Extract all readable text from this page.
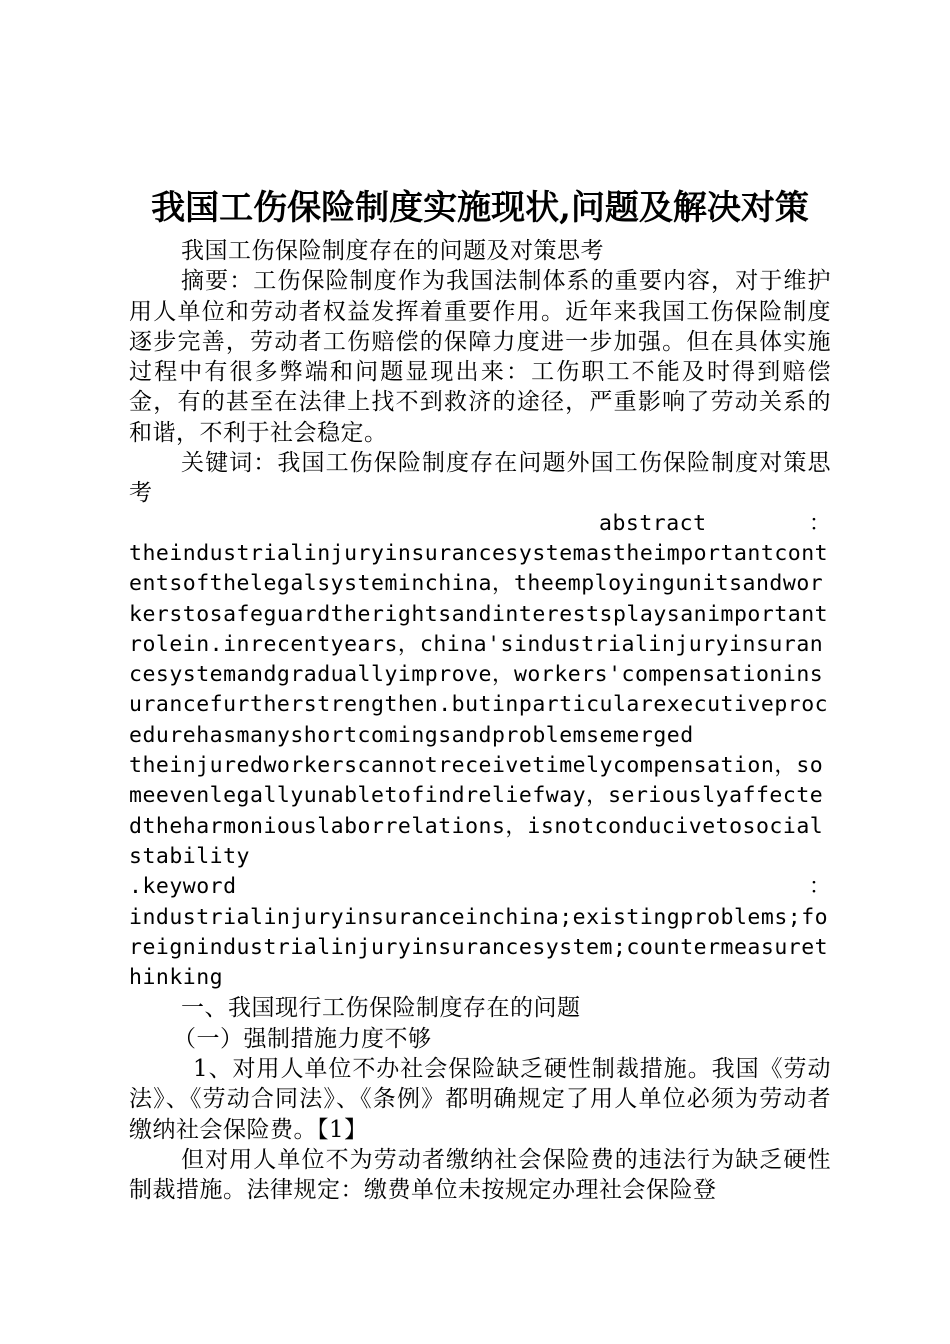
我国工伤保险制度实施现状,问题及解决对策

我国工伤保险制度存在的问题及对策思考

摘要：工伤保险制度作为我国法制体系的重要内容，对于维护用人单位和劳动者权益发挥着重要作用。近年来我国工伤保险制度逐步完善，劳动者工伤赔偿的保障力度进一步加强。但在具体实施过程中有很多弊端和问题显现出来：工伤职工不能及时得到赔偿金，有的甚至在法律上找不到救济的途径，严重影响了劳动关系的和谐，不利于社会稳定。

关键词：我国工伤保险制度存在问题外国工伤保险制度对策思考

abstract	：

theindustrialinjuryinsurancesystemastheimportantcontentsofthelegalsysteminchina，theemployingunitsandworkerstosafeguardtherightsandinterestsplaysanimportantrolein.inrecentyears，china'sindustrialinjuryinsurancesystemandgraduallyimprove，workers'compensationinsurancefurtherstrengthen.butinparticularexecutiveprocedurehasmanyshortcomingsandproblemsemerged

theinjuredworkerscannotreceivetimelycompensation，someevenlegallyunabletofindreliefway，seriouslyaffectedtheharmoniouslaborrelations，isnotconducivetosocialstability

.keyword	：

industrialinjuryinsuranceinchina;existingproblems;foreignindustrialinjuryinsurancesystem;countermeasurethinking

一、我国现行工伤保险制度存在的问题

（一）强制措施力度不够

1、对用人单位不办社会保险缺乏硬性制裁措施。我国《劳动法》、《劳动合同法》、《条例》都明确规定了用人单位必须为劳动者缴纳社会保险费。【1】

但对用人单位不为劳动者缴纳社会保险费的违法行为缺乏硬性制裁措施。法律规定：缴费单位未按规定办理社会保险登
